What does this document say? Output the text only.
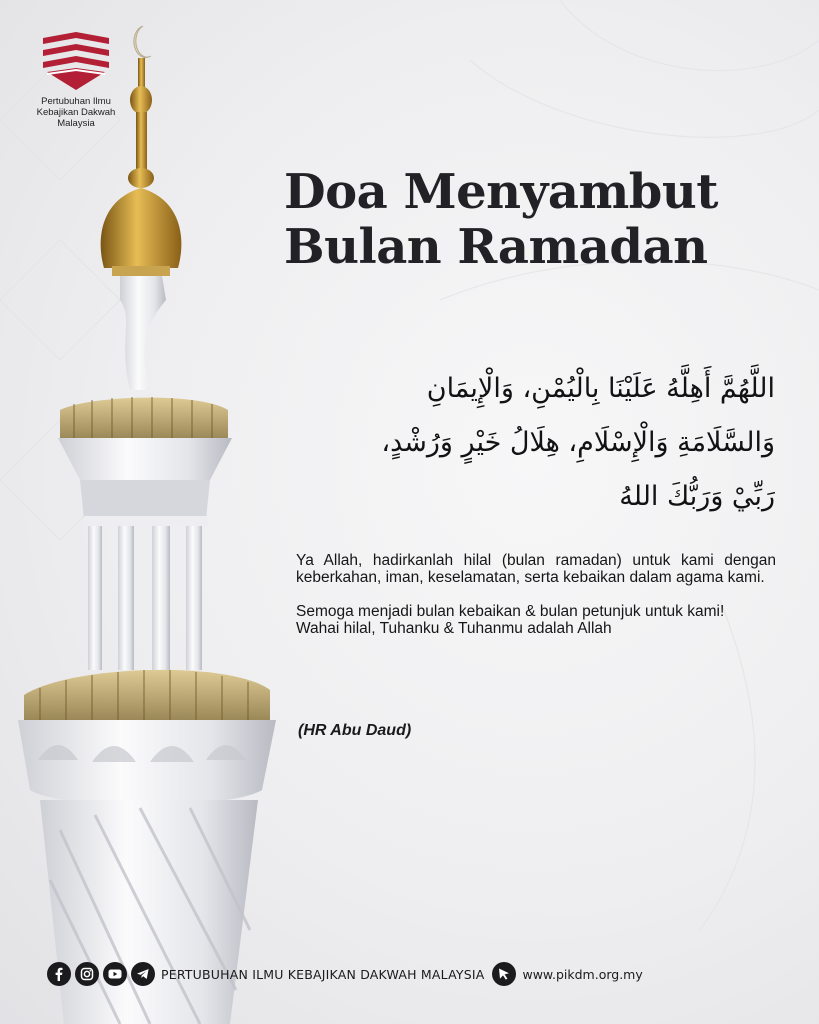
Pertubuhan Ilmu
Kebajikan Dakwah
Malaysia
Doa Menyambut
Bulan Ramadan
اللَّهُمَّ أَهِلَّهُ عَلَيْنَا بِالْيُمْنِ، وَالْإِيمَانِ
وَالسَّلَامَةِ وَالْإِسْلَامِ، هِلَالُ خَيْرٍ وَرُشْدٍ،
رَبِّيْ وَرَبُّكَ اللهُ

Ya Allah, hadirkanlah hilal (bulan ramadan) untuk kami dengan keberkahan, iman, keselamatan, serta kebaikan dalam agama kami.

Semoga menjadi bulan kebaikan & bulan petunjuk untuk kami!

Wahai hilal, Tuhanku & Tuhanmu adalah Allah

(HR Abu Daud)

PERTUBUHAN ILMU KEBAJIKAN DAKWAH MALAYSIA	www.pikdm.org.my
